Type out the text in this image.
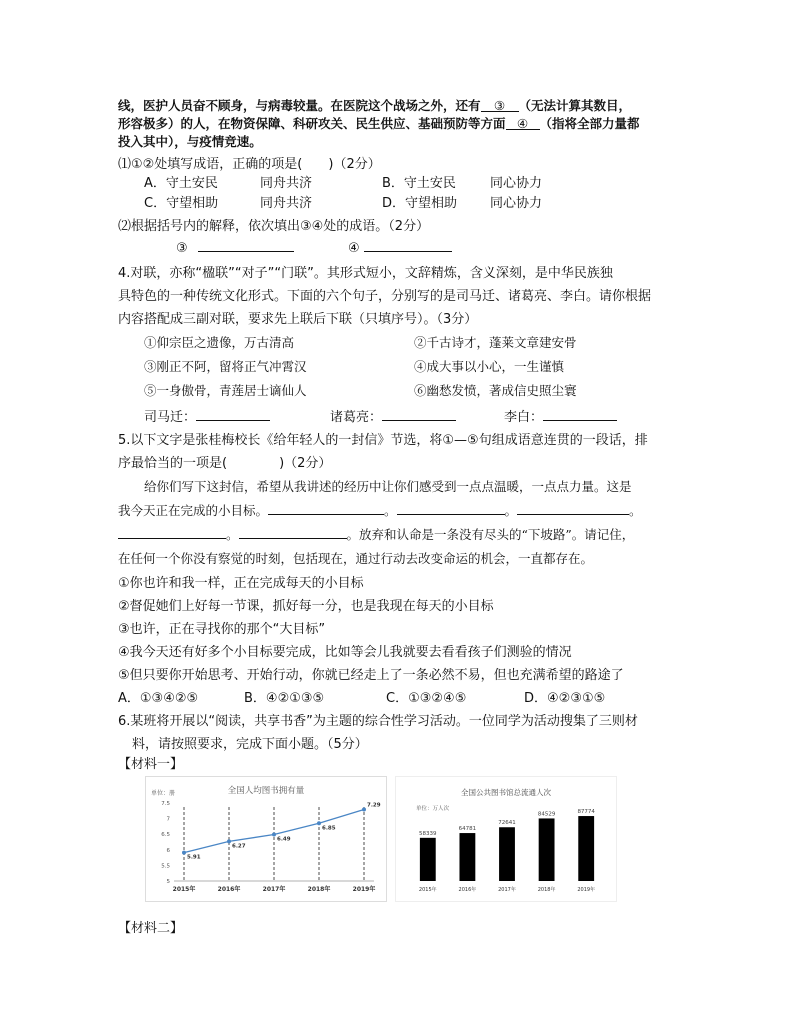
线，医护人员奋不顾身，与病毒较量。在医院这个战场之外，还有 ③ （无法计算其数目，
形容极多）的人，在物资保障、科研攻关、民生供应、基础预防等方面 ④ （指将全部力量都
投入其中），与疫情竞速。
⑴①②处填写成语，正确的项是(　　)（2分）
A．守土安民	同舟共济	B．守土安民	同心协力
C．守望相助	同舟共济	D．守望相助	同心协力
⑵根据括号内的解释，依次填出③④处的成语。（2分）
③	④
4.对联，亦称“楹联”“对子”“门联”。其形式短小，文辞精炼，含义深刻，是中华民族独
具特色的一种传统文化形式。下面的六个句子，分别写的是司马迁、诸葛亮、李白。请你根据
内容搭配成三副对联，要求先上联后下联（只填序号）。（3分）
①仰宗臣之遗像，万古清高	②千古诗才，蓬莱文章建安骨
③刚正不阿，留将正气冲霄汉	④成大事以小心，一生谨慎
⑤一身傲骨，青莲居士谪仙人	⑥幽愁发愤，著成信史照尘寰
司马迁：	诸葛亮：	李白：
5.以下文字是张桂梅校长《给年轻人的一封信》节选，将①—⑤句组成语意连贯的一段话，排
序最恰当的一项是(　　　　)（2分）
给你们写下这封信，希望从我讲述的经历中让你们感受到一点点温暖，一点点力量。这是
我今天正在完成的小目标。	。	。	。
。	。放弃和认命是一条没有尽头的“下坡路”。请记住，
在任何一个你没有察觉的时刻，包括现在，通过行动去改变命运的机会，一直都存在。
①你也许和我一样，正在完成每天的小目标
②督促她们上好每一节课，抓好每一分，也是我现在每天的小目标
③也许，正在寻找你的那个“大目标”
④我今天还有好多个小目标要完成，比如等会儿我就要去看看孩子们测验的情况
⑤但只要你开始思考、开始行动，你就已经走上了一条必然不易，但也充满希望的路途了
A．①③④②⑤	B．④②①③⑤	C．①③②④⑤	D．④②③①⑤
6.某班将开展以“阅读，共享书香”为主题的综合性学习活动。一位同学为活动搜集了三则材
料，请按照要求，完成下面小题。（5分）
【材料一】
全国人均图书拥有量
单位：册
5
5.5
6
6.5
7
7.5
2015年	2016年	2017年	2018年	2019年
5.91
6.27
6.49
6.85
7.29
全国公共图书馆总流通人次
单位：万人次
58339
2015年
64781
2016年
72641
2017年
84529
2018年
87774
2019年
【材料二】
